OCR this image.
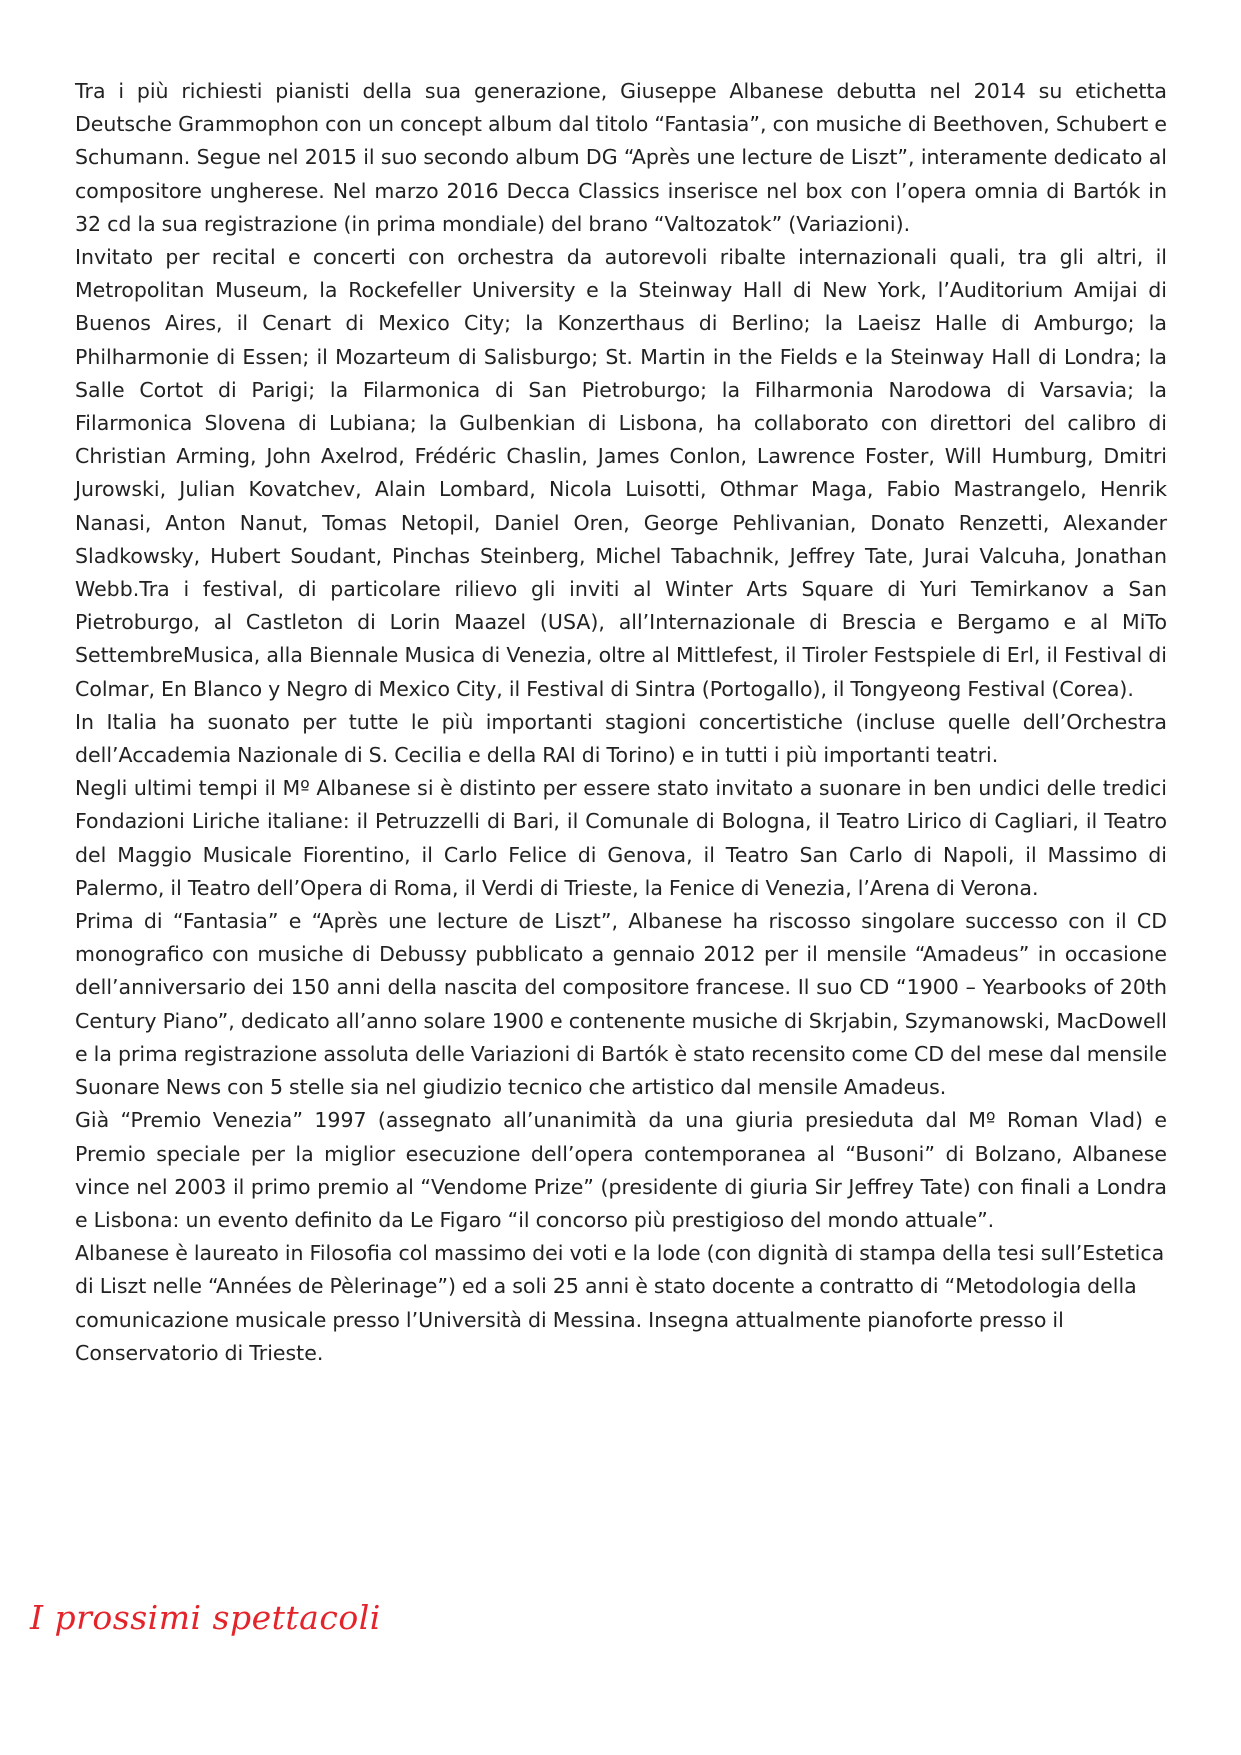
Tra i più richiesti pianisti della sua generazione, Giuseppe Albanese debutta nel 2014 su etichetta Deutsche Grammophon con un concept album dal titolo “Fantasia”, con musiche di Beethoven, Schubert e Schumann. Segue nel 2015 il suo secondo album DG “Après une lecture de Liszt”, interamente dedicato al compositore ungherese. Nel marzo 2016 Decca Classics inserisce nel box con l’opera omnia di Bartók in 32 cd la sua registrazione (in prima mondiale) del brano “Valtozatok” (Variazioni).

Invitato per recital e concerti con orchestra da autorevoli ribalte internazionali quali, tra gli altri, il Metropolitan Museum, la Rockefeller University e la Steinway Hall di New York, l’Auditorium Amijai di Buenos Aires, il Cenart di Mexico City; la Konzerthaus di Berlino; la Laeisz Halle di Amburgo; la Philharmonie di Essen; il Mozarteum di Salisburgo; St. Martin in the Fields e la Steinway Hall di Londra; la Salle Cortot di Parigi; la Filarmonica di San Pietroburgo; la Filharmonia Narodowa di Varsavia; la Filarmonica Slovena di Lubiana; la Gulbenkian di Lisbona, ha collaborato con direttori del calibro di Christian Arming, John Axelrod, Frédéric Chaslin, James Conlon, Lawrence Foster, Will Humburg, Dmitri Jurowski, Julian Kovatchev, Alain Lombard, Nicola Luisotti, Othmar Maga, Fabio Mastrangelo, Henrik Nanasi, Anton Nanut, Tomas Netopil, Daniel Oren, George Pehlivanian, Donato Renzetti, Alexander Sladkowsky, Hubert Soudant, Pinchas Steinberg, Michel Tabachnik, Jeffrey Tate, Jurai Valcuha, Jonathan Webb.Tra i festival, di particolare rilievo gli inviti al Winter Arts Square di Yuri Temirkanov a San Pietroburgo, al Castleton di Lorin Maazel (USA), all’Internazionale di Brescia e Bergamo e al MiTo SettembreMusica, alla Biennale Musica di Venezia, oltre al Mittlefest, il Tiroler Festspiele di Erl, il Festival di Colmar, En Blanco y Negro di Mexico City, il Festival di Sintra (Portogallo), il Tongyeong Festival (Corea).

In Italia ha suonato per tutte le più importanti stagioni concertistiche (incluse quelle dell’Orchestra dell’Accademia Nazionale di S. Cecilia e della RAI di Torino) e in tutti i più importanti teatri.

Negli ultimi tempi il Mº Albanese si è distinto per essere stato invitato a suonare in ben undici delle tredici Fondazioni Liriche italiane: il Petruzzelli di Bari, il Comunale di Bologna, il Teatro Lirico di Cagliari, il Teatro del Maggio Musicale Fiorentino, il Carlo Felice di Genova, il Teatro San Carlo di Napoli, il Massimo di Palermo, il Teatro dell’Opera di Roma, il Verdi di Trieste, la Fenice di Venezia, l’Arena di Verona.

Prima di “Fantasia” e “Après une lecture de Liszt”, Albanese ha riscosso singolare successo con il CD monografico con musiche di Debussy pubblicato a gennaio 2012 per il mensile “Amadeus” in occasione dell’anniversario dei 150 anni della nascita del compositore francese. Il suo CD “1900 – Yearbooks of 20th Century Piano”, dedicato all’anno solare 1900 e contenente musiche di Skrjabin, Szymanowski, MacDowell e la prima registrazione assoluta delle Variazioni di Bartók è stato recensito come CD del mese dal mensile Suonare News con 5 stelle sia nel giudizio tecnico che artistico dal mensile Amadeus.

Già “Premio Venezia” 1997 (assegnato all’unanimità da una giuria presieduta dal Mº Roman Vlad) e Premio speciale per la miglior esecuzione dell’opera contemporanea al “Busoni” di Bolzano, Albanese vince nel 2003 il primo premio al “Vendome Prize” (presidente di giuria Sir Jeffrey Tate) con finali a Londra e Lisbona: un evento definito da Le Figaro “il concorso più prestigioso del mondo attuale”.

Albanese è laureato in Filosofia col massimo dei voti e la lode (con dignità di stampa della tesi sull’Estetica di Liszt nelle “Années de Pèlerinage”) ed a soli 25 anni è stato docente a contratto di “Metodologia della comunicazione musicale presso l’Università di Messina. Insegna attualmente pianoforte presso il Conservatorio di Trieste.

I prossimi spettacoli
